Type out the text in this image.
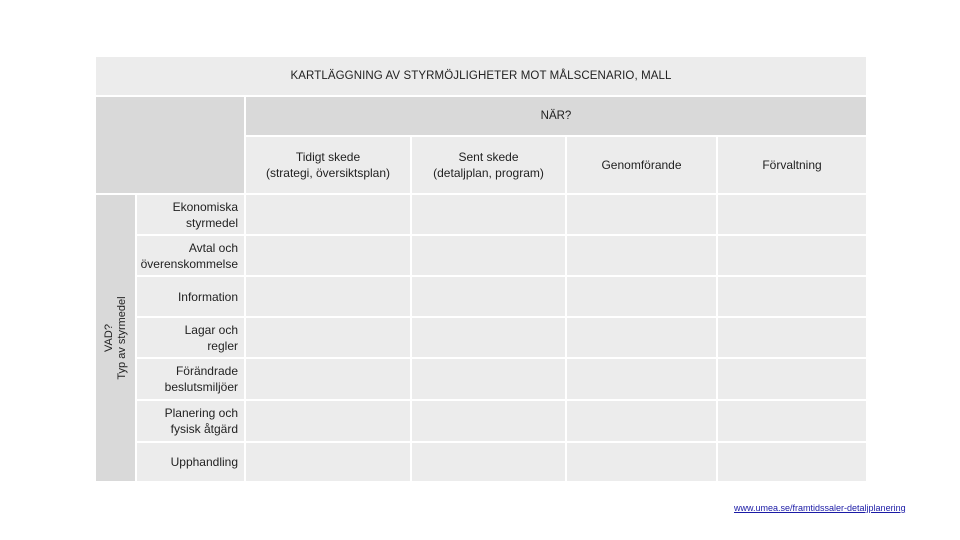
KARTLÄGGNING AV STYRMÖJLIGHETER MOT MÅLSCENARIO, MALL
NÄR?
Tidigt skede
(strategi, översiktsplan)
Sent skede
(detaljplan, program)
Genomförande	Förvaltning
VAD? Typ av styrmedel
Ekonomiska
styrmedel
Avtal och
överenskommelse
Information
Lagar och
regler
Förändrade
beslutsmiljöer
Planering och
fysisk åtgärd
Upphandling
www.umea.se/framtidssaler-detaljplanering
